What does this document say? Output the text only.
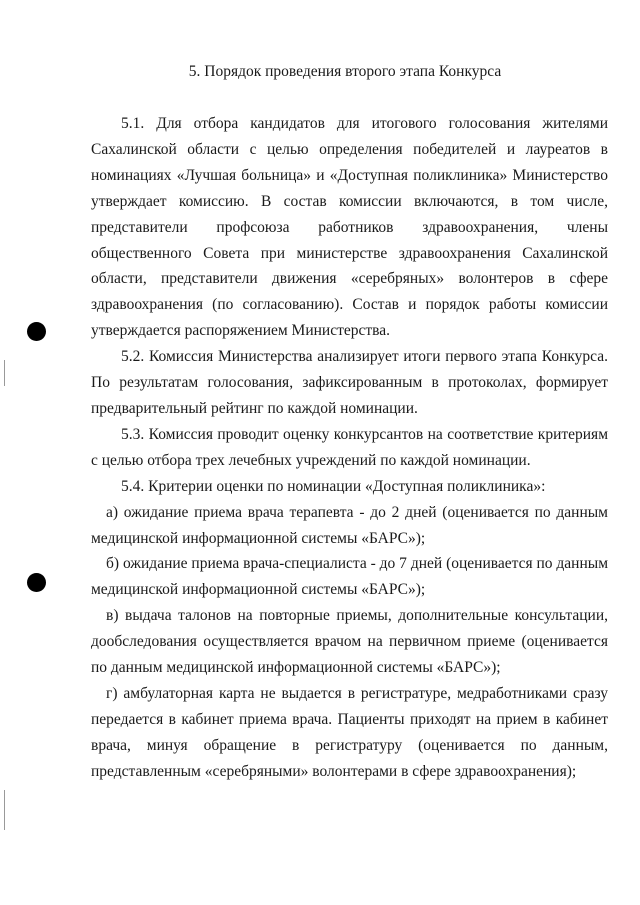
5. Порядок проведения второго этапа Конкурса

5.1. Для отбора кандидатов для итогового голосования жителями Сахалинской области с целью определения победителей и лауреатов в номинациях «Лучшая больница» и «Доступная поликлиника» Министерство утверждает комиссию. В состав комиссии включаются, в том числе, представители профсоюза работников здравоохранения, члены общественного Совета при министерстве здравоохранения Сахалинской области, представители движения «серебряных» волонтеров в сфере здравоохранения (по согласованию). Состав и порядок работы комиссии утверждается распоряжением Министерства.

5.2. Комиссия Министерства анализирует итоги первого этапа Конкурса. По результатам голосования, зафиксированным в протоколах, формирует предварительный рейтинг по каждой номинации.

5.3. Комиссия проводит оценку конкурсантов на соответствие критериям с целью отбора трех лечебных учреждений по каждой номинации.

5.4. Критерии оценки по номинации «Доступная поликлиника»:

а) ожидание приема врача терапевта - до 2 дней (оценивается по данным медицинской информационной системы «БАРС»);

б) ожидание приема врача-специалиста - до 7 дней (оценивается по данным медицинской информационной системы «БАРС»);

в) выдача талонов на повторные приемы, дополнительные консультации, дообследования осуществляется врачом на первичном приеме (оценивается по данным медицинской информационной системы «БАРС»);

г) амбулаторная карта не выдается в регистратуре, медработниками сразу передается в кабинет приема врача. Пациенты приходят на прием в кабинет врача, минуя обращение в регистратуру (оценивается по данным, представленным «серебряными» волонтерами в сфере здравоохранения);
